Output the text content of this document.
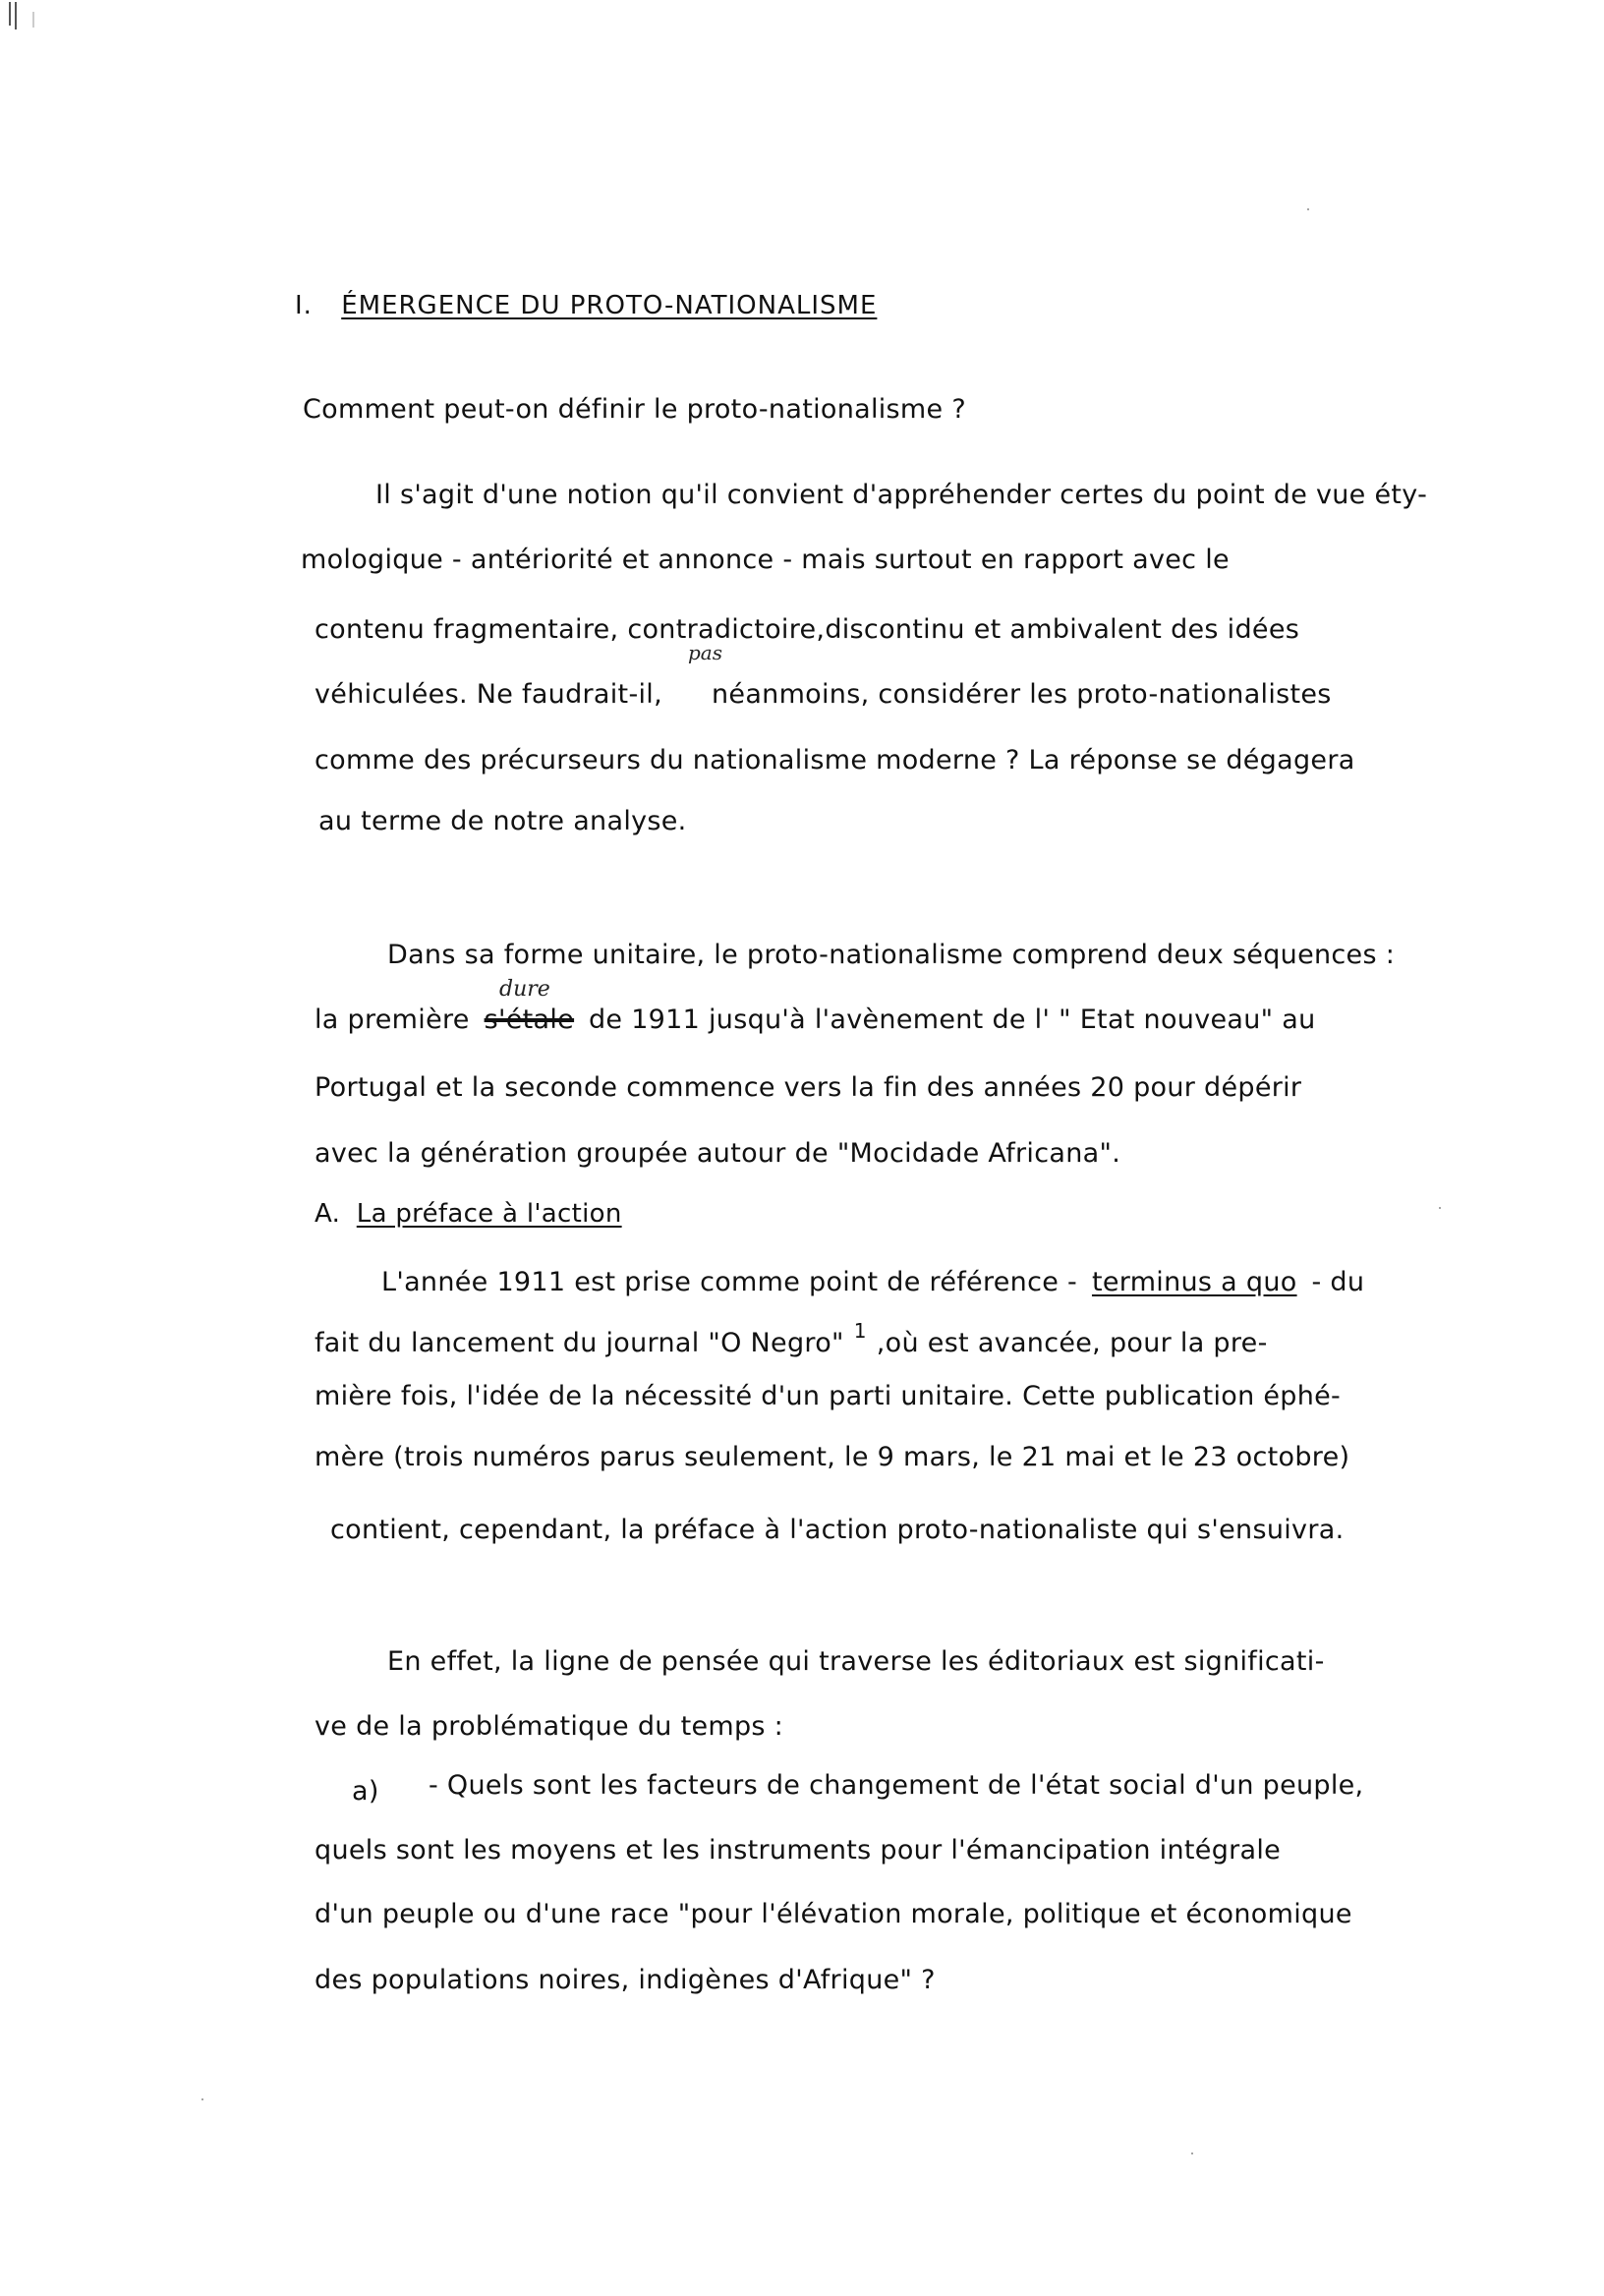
I. ÉMERGENCE DU PROTO-NATIONALISME
Comment peut-on définir le proto-nationalisme ?
Il s'agit d'une notion qu'il convient d'appréhender certes du point de vue éty-
mologique - antériorité et annonce - mais surtout en rapport avec le
contenu fragmentaire, contradictoire,discontinu et ambivalent des idées
véhiculées. Ne faudrait-il,
pas
néanmoins, considérer les proto-nationalistes
comme des précurseurs du nationalisme moderne ? La réponse se dégagera
au terme de notre analyse.
Dans sa forme unitaire, le proto-nationalisme comprend deux séquences :
la première s'étale de 1911 jusqu'à l'avènement de l' " Etat nouveau" au
dure
Portugal et la seconde commence vers la fin des années 20 pour dépérir
avec la génération groupée autour de "Mocidade Africana".
A. La préface à l'action
L'année 1911 est prise comme point de référence - terminus a quo - du
fait du lancement du journal "O Negro" $^1$ ,où est avancée, pour la pre-
mière fois, l'idée de la nécessité d'un parti unitaire. Cette publication éphé-
mère (trois numéros parus seulement, le 9 mars, le 21 mai et le 23 octobre)
contient, cependant, la préface à l'action proto-nationaliste qui s'ensuivra.
En effet, la ligne de pensée qui traverse les éditoriaux est significati-
ve de la problématique du temps :
a) - Quels sont les facteurs de changement de l'état social d'un peuple,
quels sont les moyens et les instruments pour l'émancipation intégrale
d'un peuple ou d'une race "pour l'élévation morale, politique et économique
des populations noires, indigènes d'Afrique" ?
